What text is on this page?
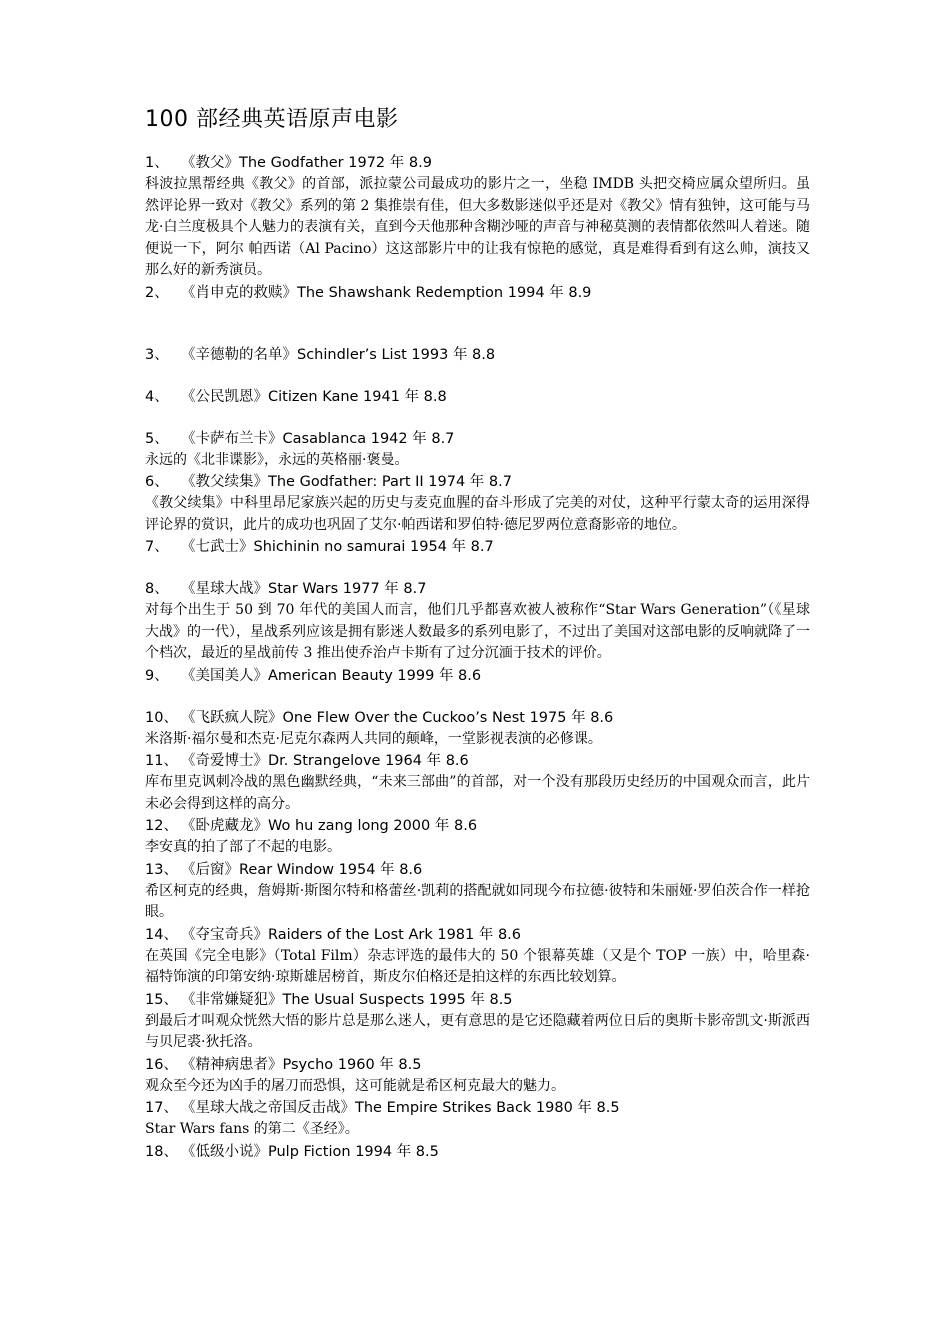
100 部经典英语原声电影
1、 《教父》The Godfather 1972 年 8.9
科波拉黑帮经典《教父》的首部，派拉蒙公司最成功的影片之一，坐稳 IMDB 头把交椅应属众望所归。虽然评论界一致对《教父》系列的第 2 集推崇有佳，但大多数影迷似乎还是对《教父》情有独钟，这可能与马龙·白兰度极具个人魅力的表演有关，直到今天他那种含糊沙哑的声音与神秘莫测的表情都依然叫人着迷。随便说一下，阿尔 帕西诺（Al Pacino）这这部影片中的让我有惊艳的感觉，真是难得看到有这么帅，演技又那么好的新秀演员。
2、 《肖申克的救赎》The Shawshank Redemption 1994 年 8.9
3、 《辛德勒的名单》Schindler’s List 1993 年 8.8
4、 《公民凯恩》Citizen Kane 1941 年 8.8
5、 《卡萨布兰卡》Casablanca 1942 年 8.7
永远的《北非谍影》，永远的英格丽·褒曼。
6、 《教父续集》The Godfather: Part II 1974 年 8.7
《教父续集》中科里昂尼家族兴起的历史与麦克血腥的奋斗形成了完美的对仗，这种平行蒙太奇的运用深得评论界的赏识，此片的成功也巩固了艾尔·帕西诺和罗伯特·德尼罗两位意裔影帝的地位。
7、 《七武士》Shichinin no samurai 1954 年 8.7
8、 《星球大战》Star Wars 1977 年 8.7
对每个出生于 50 到 70 年代的美国人而言，他们几乎都喜欢被人被称作“Star Wars Generation”（《星球大战》的一代），星战系列应该是拥有影迷人数最多的系列电影了，不过出了美国对这部电影的反响就降了一个档次，最近的星战前传 3 推出使乔治卢卡斯有了过分沉湎于技术的评价。
9、 《美国美人》American Beauty 1999 年 8.6
10、 《飞跃疯人院》One Flew Over the Cuckoo’s Nest 1975 年 8.6
米洛斯·福尔曼和杰克·尼克尔森两人共同的颠峰，一堂影视表演的必修课。
11、 《奇爱博士》Dr. Strangelove 1964 年 8.6
库布里克讽刺冷战的黑色幽默经典，“未来三部曲”的首部，对一个没有那段历史经历的中国观众而言，此片未必会得到这样的高分。
12、 《卧虎藏龙》Wo hu zang long 2000 年 8.6
李安真的拍了部了不起的电影。
13、 《后窗》Rear Window 1954 年 8.6
希区柯克的经典，詹姆斯·斯图尔特和格蕾丝·凯莉的搭配就如同现今布拉德·彼特和朱丽娅·罗伯茨合作一样抢眼。
14、 《夺宝奇兵》Raiders of the Lost Ark 1981 年 8.6
在英国《完全电影》（Total Film）杂志评选的最伟大的 50 个银幕英雄（又是个 TOP 一族）中，哈里森·福特饰演的印第安纳·琼斯雄居榜首，斯皮尔伯格还是拍这样的东西比较划算。
15、 《非常嫌疑犯》The Usual Suspects 1995 年 8.5
到最后才叫观众恍然大悟的影片总是那么迷人，更有意思的是它还隐藏着两位日后的奥斯卡影帝凯文·斯派西与贝尼裘·狄托洛。
16、 《精神病患者》Psycho 1960 年 8.5
观众至今还为凶手的屠刀而恐惧，这可能就是希区柯克最大的魅力。
17、 《星球大战之帝国反击战》The Empire Strikes Back 1980 年 8.5
Star Wars fans 的第二《圣经》。
18、 《低级小说》Pulp Fiction 1994 年 8.5
